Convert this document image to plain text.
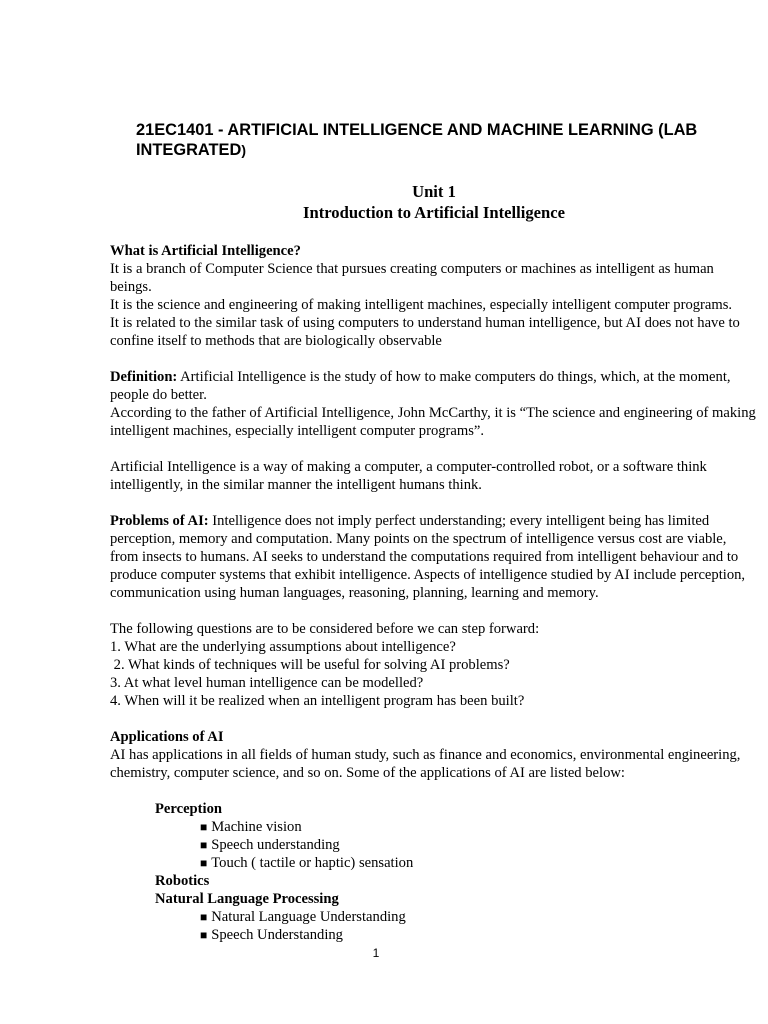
21EC1401 - ARTIFICIAL INTELLIGENCE AND MACHINE LEARNING (LAB INTEGRATED)
Unit 1
Introduction to Artificial Intelligence

What is Artificial Intelligence?

It is a branch of Computer Science that pursues creating computers or machines as intelligent as human beings.

It is the science and engineering of making intelligent machines, especially intelligent computer programs.

It is related to the similar task of using computers to understand human intelligence, but AI does not have to confine itself to methods that are biologically observable

Definition: Artificial Intelligence is the study of how to make computers do things, which, at the moment, people do better.

According to the father of Artificial Intelligence, John McCarthy, it is “The science and engineering of making intelligent machines, especially intelligent computer programs”.

Artificial Intelligence is a way of making a computer, a computer-controlled robot, or a software think intelligently, in the similar manner the intelligent humans think.

Problems of AI: Intelligence does not imply perfect understanding; every intelligent being has limited perception, memory and computation. Many points on the spectrum of intelligence versus cost are viable, from insects to humans. AI seeks to understand the computations required from intelligent behaviour and to produce computer systems that exhibit intelligence. Aspects of intelligence studied by AI include perception, communication using human languages, reasoning, planning, learning and memory.

The following questions are to be considered before we can step forward:

1. What are the underlying assumptions about intelligence?

2. What kinds of techniques will be useful for solving AI problems?

3. At what level human intelligence can be modelled?

4. When will it be realized when an intelligent program has been built?

Applications of AI

AI has applications in all fields of human study, such as finance and economics, environmental engineering, chemistry, computer science, and so on. Some of the applications of AI are listed below:

Perception

■ Machine vision

■ Speech understanding

■ Touch ( tactile or haptic) sensation

Robotics

Natural Language Processing

■ Natural Language Understanding

■ Speech Understanding

1
